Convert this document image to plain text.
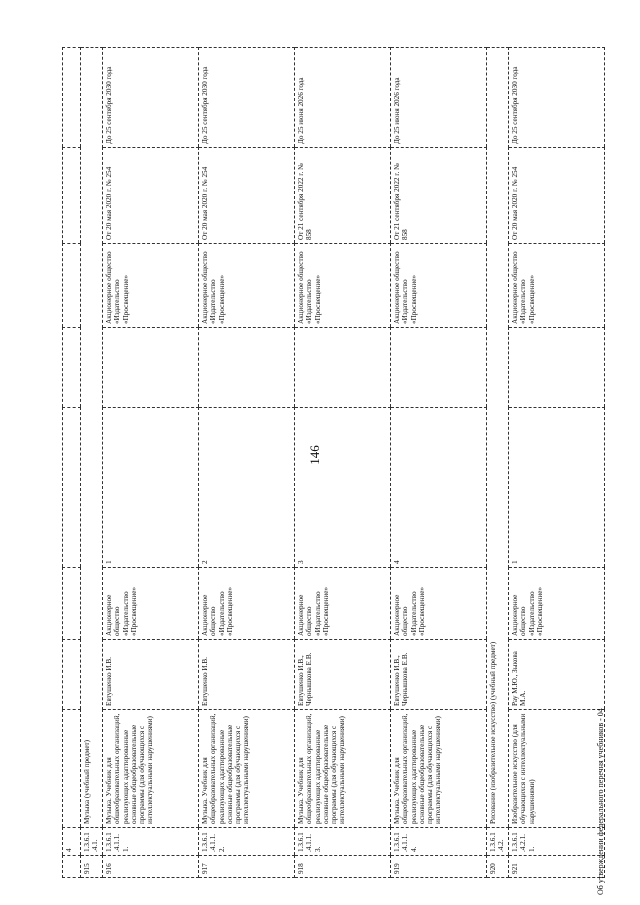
146
	4								
915	1.3.6.1.4.1.	Музыка (учебный предмет)							
916	1.3.6.1.4.1.1.1.	Музыка. Учебник для обшеобразовательных организаций, реализующих адаптированные основные общеобразовательные программы (для обучающихся с интеллектуальными нарушениями)	Евтушенко И.В.	Акционерное общество «Издательство «Просвещение»	1		Акционерное общество «Издательство «Просвещение»	От 20 мая 2020 г. № 254	До 25 сентября 2030 года
917	1.3.6.1.4.1.1.2.	Музыка. Учебник для общеобразовательных организаций, реализующих адаптированные основные общеобразовательные программы (для обучающихся с интеллектуальными нарушениями)	Евтушенко И.В.	Акционерное общество «Издательство «Просвещение»	2		Акционерное общество «Издательство «Просвещение»	От 20 мая 2020 г. № 254	До 25 сентября 2030 года
918	1.3.6.1.4.1.1.3.	Музыка. Учебник для общеобразовательных организаций, реализующих адаптированные основные общеобразовательные программы (для обучающихся с интеллектуальными нарушениями)	Евтушенко И.В., Чернышкова Е.В.	Акционерное общество «Издательство «Просвещение»	3		Акционерное общество «Издательство «Просвещение»	От 21 сентября 2022 г. № 858	До 25 июня 2026 года
919	1.3.6.1.4.1.1.4.	Музыка. Учебник для общеобразовательных организаций, реализующих адаптированные основные общеобразовательные программы (для обучающихся с интеллектуальными нарушениями)	Евтушенко И.В., Чернышкова Е.В.	Акционерное общество «Издательство «Просвещение»	4		Акционерное общество «Издательство «Просвещение»	От 21 сентября 2022 г. № 858	До 25 июня 2026 года
920	1.3.6.1.4.2.	Рисование (изобразительное искусство) (учебный предмет)							
921	1.3.6.1.4.2.1.1.	Изобразительное искусство (для обучающихся с интеллектуальными нарушениями)	Рау М.Ю., Зыкова М.А.	Акционерное общество «Издательство «Просвещение»	1		Акционерное общество «Издательство «Просвещение»	От 20 мая 2020 г. № 254	До 25 сентября 2030 года
Об утверждении федерального перечня учебников - 04
